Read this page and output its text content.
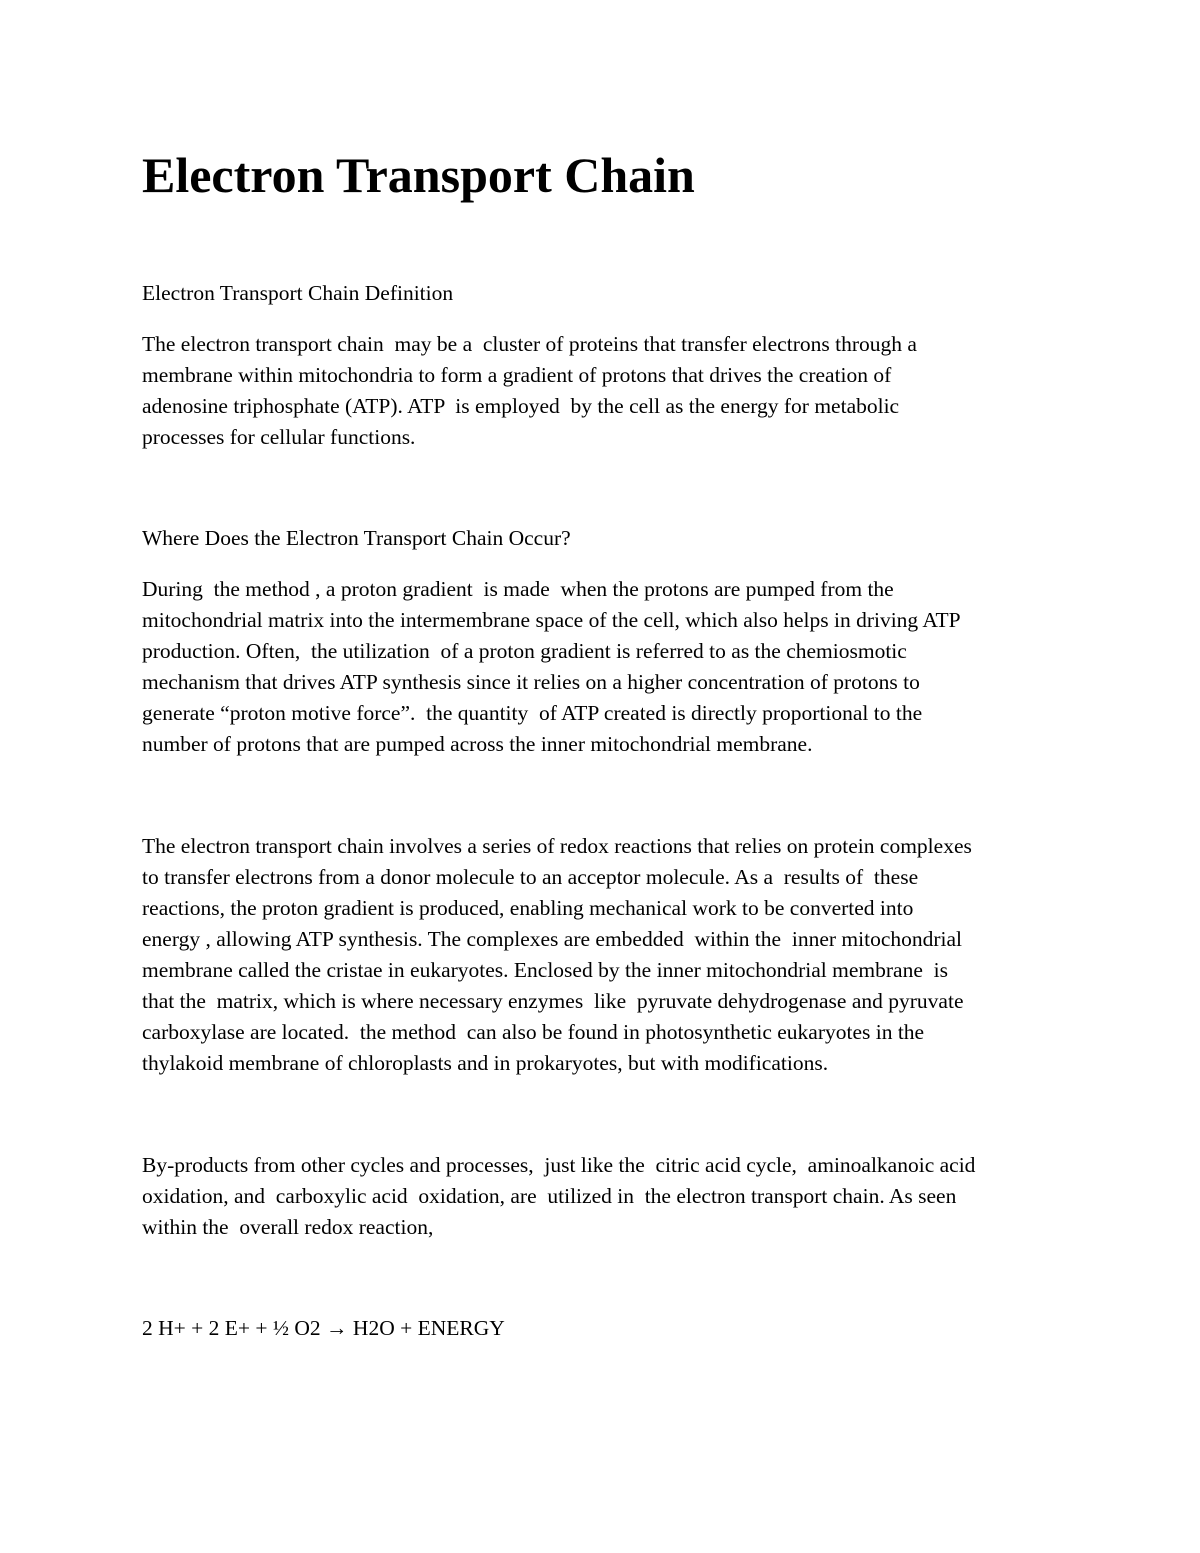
Electron Transport Chain

Electron Transport Chain Definition

The electron transport chain  may be a  cluster of proteins that transfer electrons through a

membrane within mitochondria to form a gradient of protons that drives the creation of

adenosine triphosphate (ATP). ATP  is employed  by the cell as the energy for metabolic

processes for cellular functions.

Where Does the Electron Transport Chain Occur?

During  the method , a proton gradient  is made  when the protons are pumped from the

mitochondrial matrix into the intermembrane space of the cell, which also helps in driving ATP

production. Often,  the utilization  of a proton gradient is referred to as the chemiosmotic

mechanism that drives ATP synthesis since it relies on a higher concentration of protons to

generate “proton motive force”.  the quantity  of ATP created is directly proportional to the

number of protons that are pumped across the inner mitochondrial membrane.

The electron transport chain involves a series of redox reactions that relies on protein complexes

to transfer electrons from a donor molecule to an acceptor molecule. As a  results of  these

reactions, the proton gradient is produced, enabling mechanical work to be converted into

energy , allowing ATP synthesis. The complexes are embedded  within the  inner mitochondrial

membrane called the cristae in eukaryotes. Enclosed by the inner mitochondrial membrane  is

that the  matrix, which is where necessary enzymes  like  pyruvate dehydrogenase and pyruvate

carboxylase are located.  the method  can also be found in photosynthetic eukaryotes in the

thylakoid membrane of chloroplasts and in prokaryotes, but with modifications.

By-products from other cycles and processes,  just like the  citric acid cycle,  aminoalkanoic acid

oxidation, and  carboxylic acid  oxidation, are  utilized in  the electron transport chain. As seen

within the  overall redox reaction,

2 H+ + 2 E+ + ½ O2 → H2O + ENERGY
